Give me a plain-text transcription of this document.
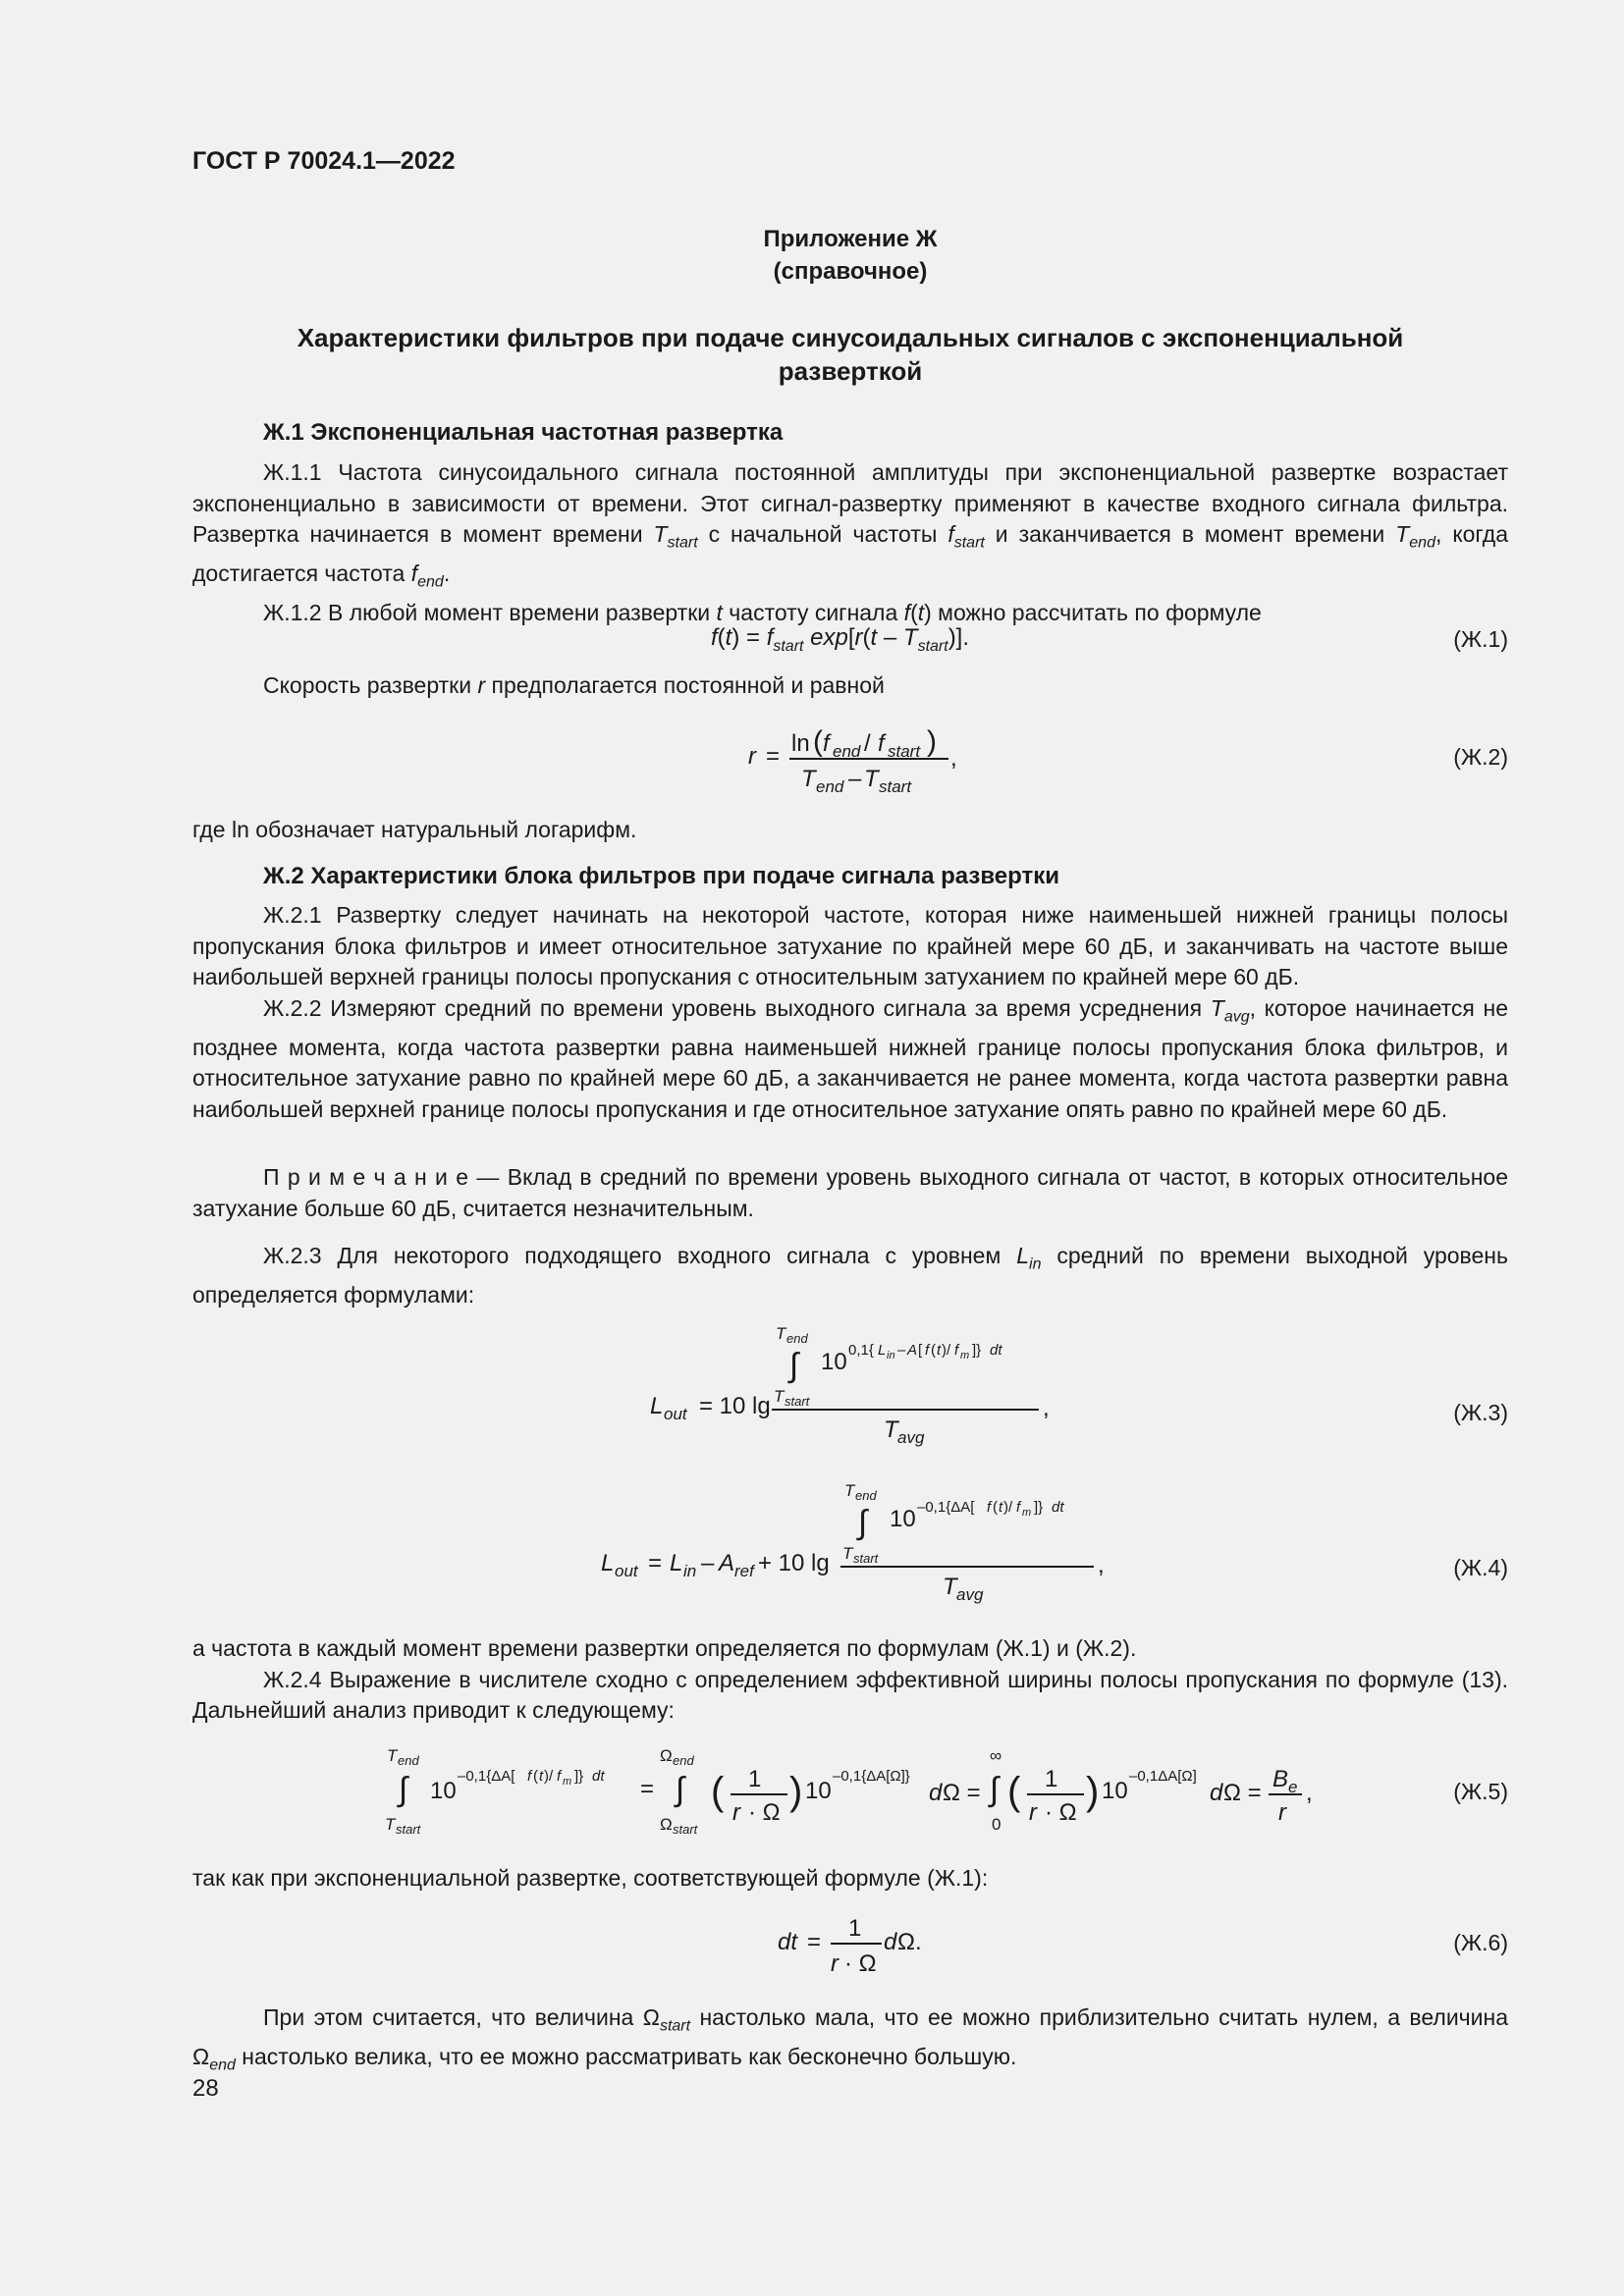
ГОСТ Р 70024.1—2022
Приложение Ж
(справочное)
Характеристики фильтров при подаче синусоидальных сигналов с экспоненциальной
разверткой
Ж.1 Экспоненциальная частотная развертка

Ж.1.1 Частота синусоидального сигнала постоянной амплитуды при экспоненциальной развертке возрастает экспоненциально в зависимости от времени. Этот сигнал-развертку применяют в качестве входного сигнала фильтра. Развертка начинается в момент времени $T_{start}$ с начальной частоты $f_{start}$ и заканчивается в момент времени $T_{end}$, когда достигается частота $f_{end}$.

Ж.1.2 В любой момент времени развертки t частоту сигнала f(t) можно рассчитать по формуле

$f(t) = f_{start}$ $\exp[r(t - T_{start})]$.	(Ж.1)

Скорость развертки r предполагается постоянной и равной

r = ln ( f end / f start )
T end – T start
,	(Ж.2)

где ln обозначает натуральный логарифм.

Ж.2 Характеристики блока фильтров при подаче сигнала развертки

Ж.2.1 Развертку следует начинать на некоторой частоте, которая ниже наименьшей нижней границы полосы пропускания блока фильтров и имеет относительное затухание по крайней мере 60 дБ, и заканчивать на частоте выше наибольшей верхней границы полосы пропускания с относительным затуханием по крайней мере 60 дБ.

Ж.2.2 Измеряют средний по времени уровень выходного сигнала за время усреднения $T_{avg}$, которое начинается не позднее момента, когда частота развертки равна наименьшей нижней границе полосы пропускания блока фильтров, и относительное затухание равно по крайней мере 60 дБ, а заканчивается не ранее момента, когда частота развертки равна наибольшей верхней границе полосы пропускания и где относительное затухание опять равно по крайней мере 60 дБ.

П р и м е ч а н и е — Вклад в средний по времени уровень выходного сигнала от частот, в которых относительное затухание больше 60 дБ, считается незначительным.

Ж.2.3 Для некоторого подходящего входного сигнала с уровнем $L_{in}$ средний по времени выходной уровень определяется формулами:

L out = 10 lg
T end
∫
T start
10 0,1{ L in – A [ f ( t )/ f m ]} dt
T avg
,	(Ж.3)
L out = L in – A ref + 10 lg
T end
∫
T start
10 –0,1{ΔA[ f ( t )/ f m ]} dt
T avg
,	(Ж.4)

а частота в каждый момент времени развертки определяется по формулам (Ж.1) и (Ж.2).

Ж.2.4 Выражение в числителе сходно с определением эффективной ширины полосы пропускания по формуле (13). Дальнейший анализ приводит к следующему:

T end
∫
T start
10
–0,1{ΔA[ f ( t )/ f m ]} dt =
Ω end
∫
Ω start
( 1
r · Ω ) 10
–0,1{ΔA[Ω]}
d Ω =
∞
∫
0
( 1
r · Ω ) 10
–0,1ΔA[Ω]
d Ω =
B e
r
,	(Ж.5)

так как при экспоненциальной развертке, соответствующей формуле (Ж.1):

dt =
1
r · Ω
d Ω.	(Ж.6)

При этом считается, что величина $\Omega_{start}$ настолько мала, что ее можно приблизительно считать нулем, а величина $\Omega_{end}$ настолько велика, что ее можно рассматривать как бесконечно большую.

28
